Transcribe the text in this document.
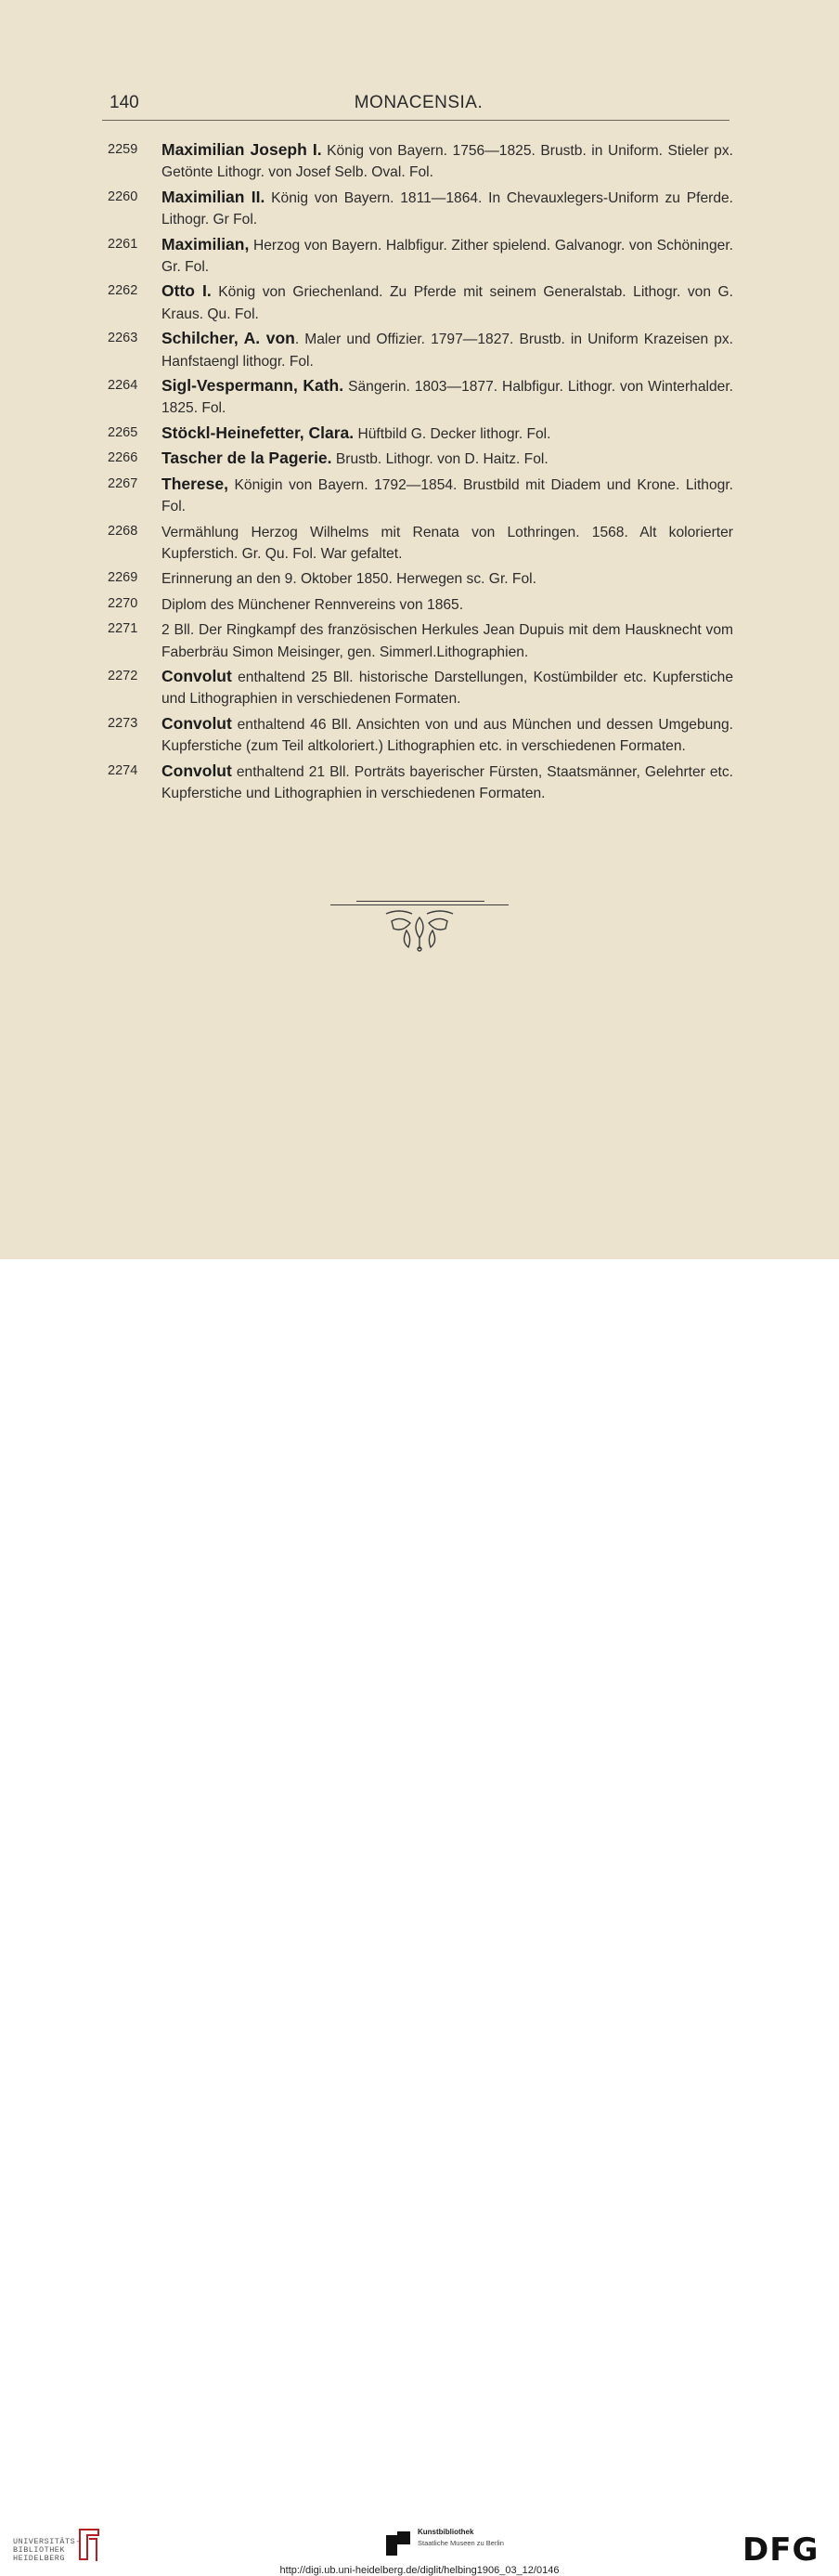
140	MONACENSIA.
2259	Maximilian Joseph I. König von Bayern. 1756—1825. Brustb. in Uniform. Stieler px. Getönte Lithogr. von Josef Selb. Oval. Fol.
2260	Maximilian II. König von Bayern. 1811—1864. In Chevauxlegers-Uniform zu Pferde. Lithogr. Gr Fol.
2261	Maximilian, Herzog von Bayern. Halbfigur. Zither spielend. Galvanogr. von Schöninger. Gr. Fol.
2262	Otto I. König von Griechenland. Zu Pferde mit seinem Generalstab. Lithogr. von G. Kraus. Qu. Fol.
2263	Schilcher, A. von. Maler und Offizier. 1797—1827. Brustb. in Uniform Krazeisen px. Hanfstaengl lithogr. Fol.
2264	Sigl-Vespermann, Kath. Sängerin. 1803—1877. Halbfigur. Lithogr. von Winterhalder. 1825. Fol.
2265	Stöckl-Heinefetter, Clara. Hüftbild G. Decker lithogr. Fol.
2266	Tascher de la Pagerie. Brustb. Lithogr. von D. Haitz. Fol.
2267	Therese, Königin von Bayern. 1792—1854. Brustbild mit Diadem und Krone. Lithogr. Fol.
2268	Vermählung Herzog Wilhelms mit Renata von Lothringen. 1568. Alt kolorierter Kupferstich. Gr. Qu. Fol. War gefaltet.
2269	Erinnerung an den 9. Oktober 1850. Herwegen sc. Gr. Fol.
2270	Diplom des Münchener Rennvereins von 1865.
2271	2 Bll. Der Ringkampf des französischen Herkules Jean Dupuis mit dem Hausknecht vom Faberbräu Simon Meisinger, gen. Simmerl.Lithographien.
2272	Convolut enthaltend 25 Bll. historische Darstellungen, Kostümbilder etc. Kupferstiche und Lithographien in verschiedenen Formaten.
2273	Convolut enthaltend 46 Bll. Ansichten von und aus München und dessen Umgebung. Kupferstiche (zum Teil altkoloriert.) Lithographien etc. in verschiedenen Formaten.
2274	Convolut enthaltend 21 Bll. Porträts bayerischer Fürsten, Staatsmänner, Gelehrter etc. Kupferstiche und Lithographien in verschiedenen Formaten.
UNIVERSITÄTS-
BIBLIOTHEK
HEIDELBERG
Kunstbibliothek
Staatliche Museen zu Berlin	DFG
http://digi.ub.uni-heidelberg.de/diglit/helbing1906_03_12/0146
